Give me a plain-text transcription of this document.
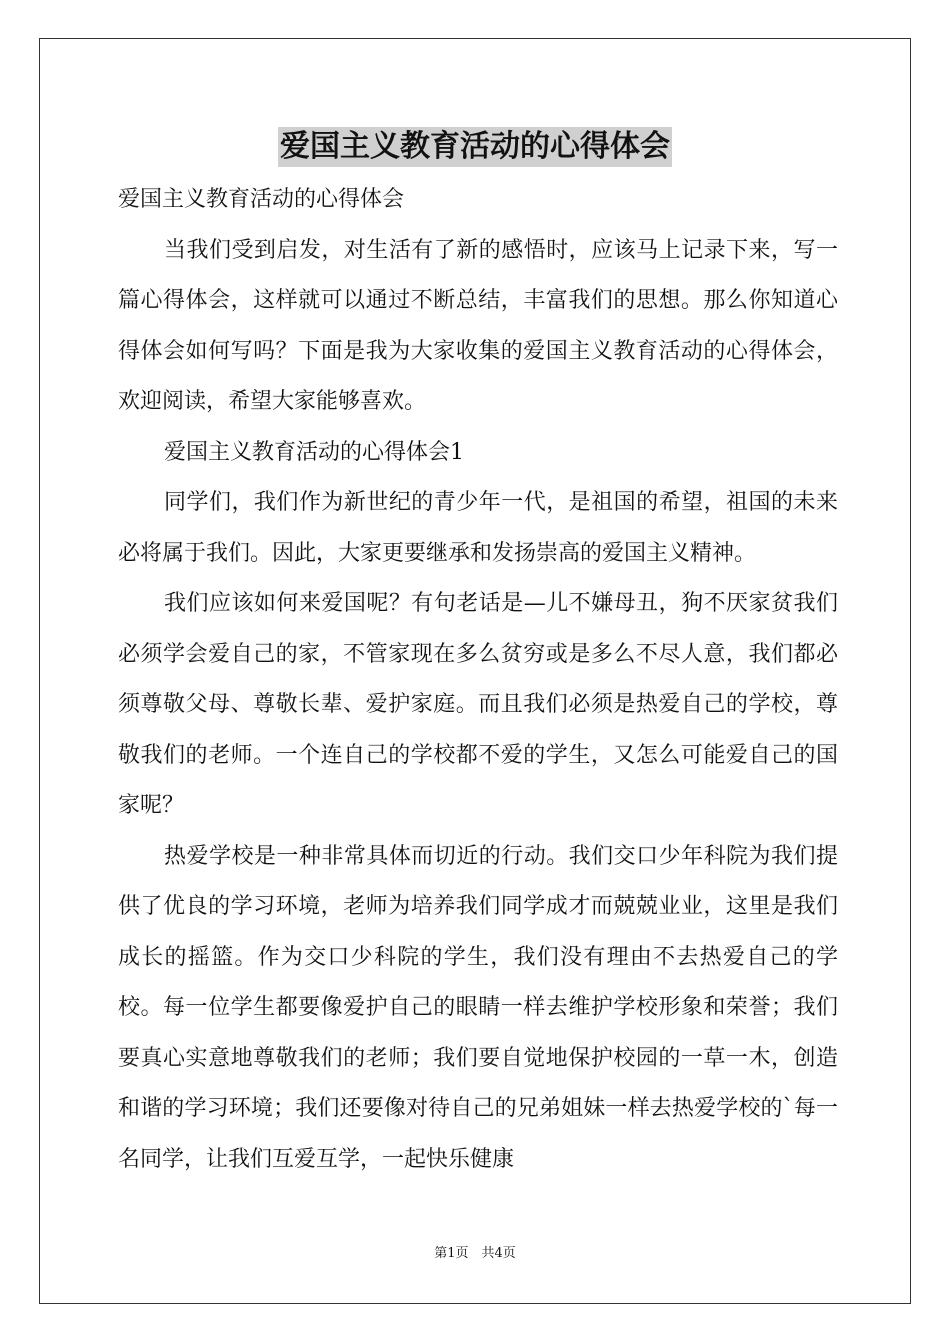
爱国主义教育活动的心得体会

爱国主义教育活动的心得体会

当我们受到启发，对生活有了新的感悟时，应该马上记录下来，写一篇心得体会，这样就可以通过不断总结，丰富我们的思想。那么你知道心得体会如何写吗？下面是我为大家收集的爱国主义教育活动的心得体会，欢迎阅读，希望大家能够喜欢。

爱国主义教育活动的心得体会1

同学们，我们作为新世纪的青少年一代，是祖国的希望，祖国的未来必将属于我们。因此，大家更要继承和发扬崇高的爱国主义精神。

我们应该如何来爱国呢？有句老话是—儿不嫌母丑，狗不厌家贫我们必须学会爱自己的家，不管家现在多么贫穷或是多么不尽人意，我们都必须尊敬父母、尊敬长辈、爱护家庭。而且我们必须是热爱自己的学校，尊敬我们的老师。一个连自己的学校都不爱的学生，又怎么可能爱自己的国家呢？

热爱学校是一种非常具体而切近的行动。我们交口少年科院为我们提供了优良的学习环境，老师为培养我们同学成才而兢兢业业，这里是我们成长的摇篮。作为交口少科院的学生，我们没有理由不去热爱自己的学校。每一位学生都要像爱护自己的眼睛一样去维护学校形象和荣誉；我们要真心实意地尊敬我们的老师；我们要自觉地保护校园的一草一木，创造和谐的学习环境；我们还要像对待自己的兄弟姐妹一样去热爱学校的`每一名同学，让我们互爱互学，一起快乐健康

第1页　共4页
